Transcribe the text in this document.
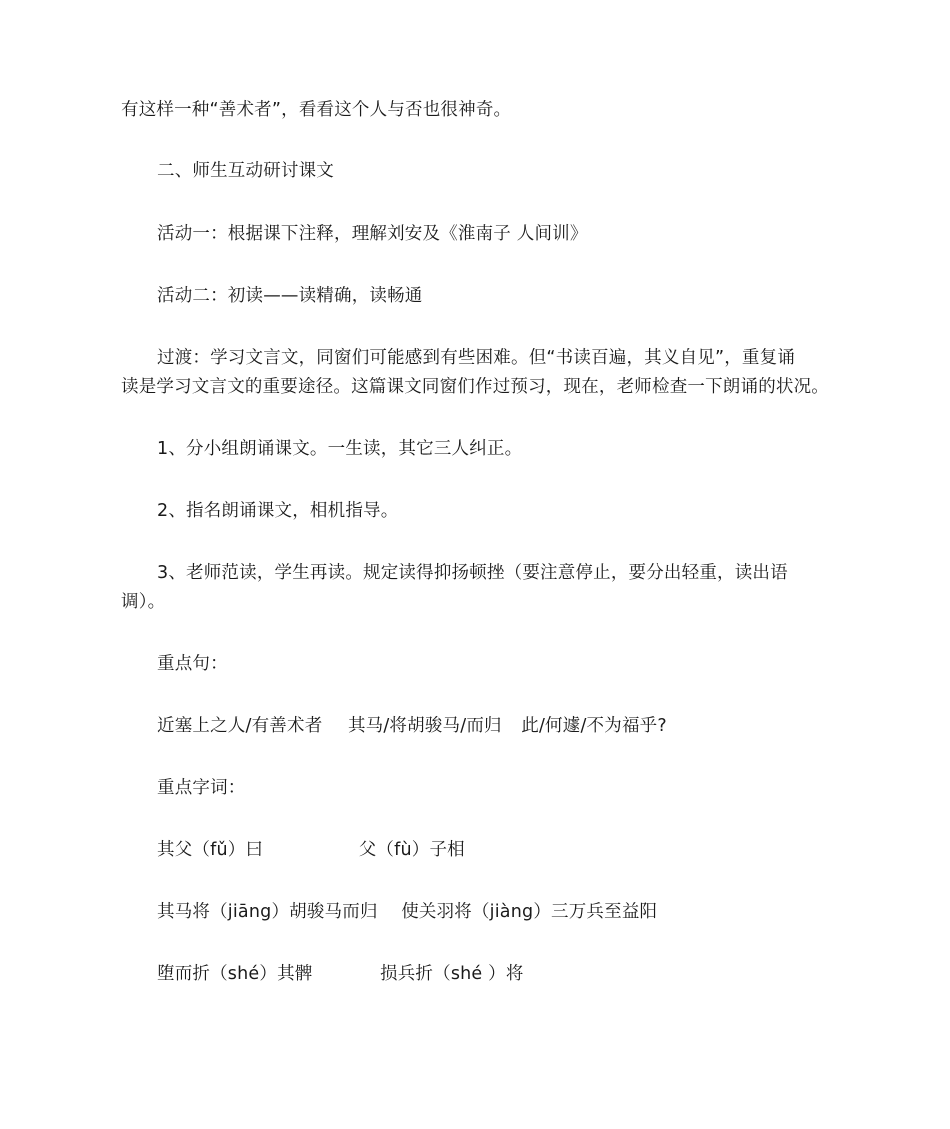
有这样一种“善术者”，看看这个人与否也很神奇。
二、师生互动研讨课文
活动一：根据课下注释，理解刘安及《淮南子 人间训》
活动二：初读——读精确，读畅通
过渡：学习文言文，同窗们可能感到有些困难。但“书读百遍，其义自见”，重复诵
读是学习文言文的重要途径。这篇课文同窗们作过预习，现在，老师检查一下朗诵的状况。
1、分小组朗诵课文。一生读，其它三人纠正。
2、指名朗诵课文，相机指导。
3、老师范读，学生再读。规定读得抑扬顿挫（要注意停止，要分出轻重，读出语
调）。
重点句：
近塞上之人/有善术者 其马/将胡骏马/而归 此/何遽/不为福乎?
重点字词：
其父（fǔ）曰	父（fù）子相
其马将（jiāng）胡骏马而归 使关羽将（jiàng）三万兵至益阳
堕而折（shé）其髀	损兵折（shé ）将
